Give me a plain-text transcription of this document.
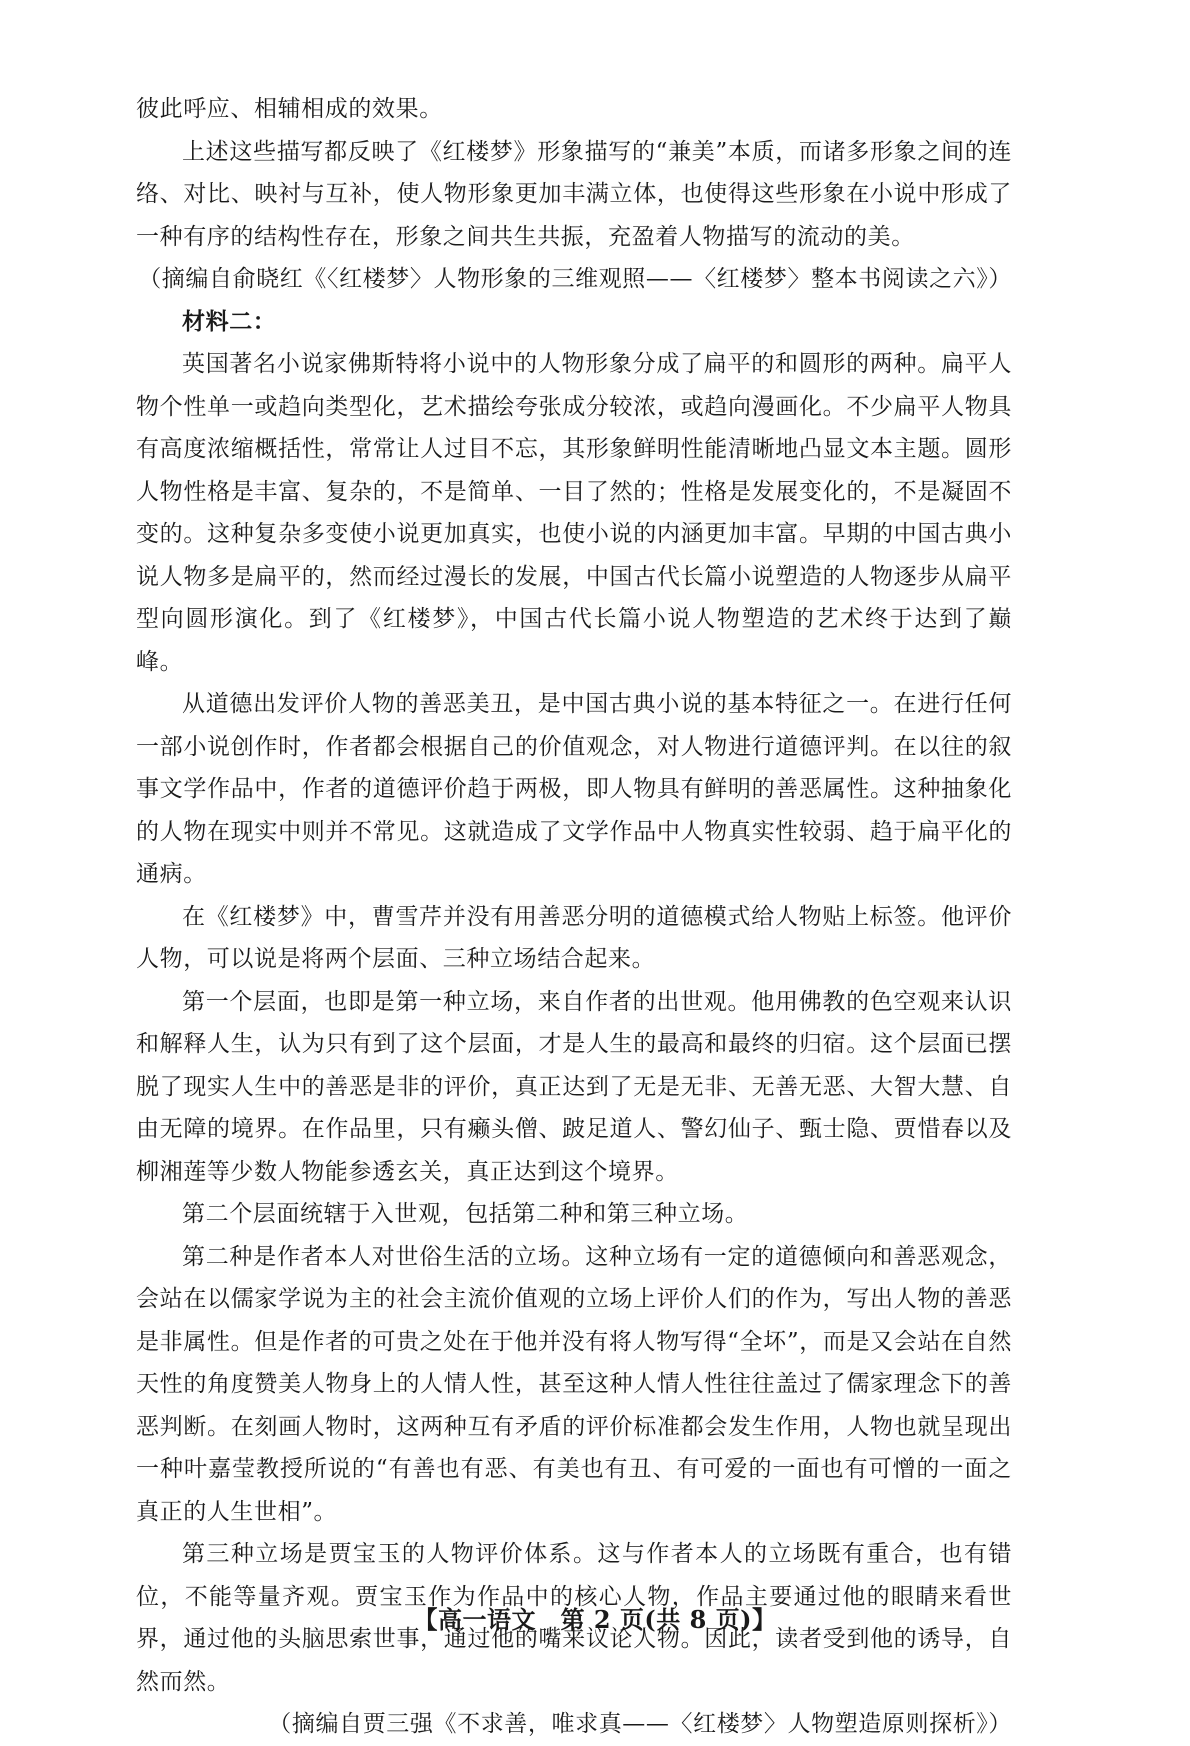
彼此呼应、相辅相成的效果。

上述这些描写都反映了《红楼梦》形象描写的“兼美”本质，而诸多形象之间的连络、对比、映衬与互补，使人物形象更加丰满立体，也使得这些形象在小说中形成了一种有序的结构性存在，形象之间共生共振，充盈着人物描写的流动的美。

（摘编自俞晓红《〈红楼梦〉人物形象的三维观照——〈红楼梦〉整本书阅读之六》）

材料二：

英国著名小说家佛斯特将小说中的人物形象分成了扁平的和圆形的两种。扁平人物个性单一或趋向类型化，艺术描绘夸张成分较浓，或趋向漫画化。不少扁平人物具有高度浓缩概括性，常常让人过目不忘，其形象鲜明性能清晰地凸显文本主题。圆形人物性格是丰富、复杂的，不是简单、一目了然的；性格是发展变化的，不是凝固不变的。这种复杂多变使小说更加真实，也使小说的内涵更加丰富。早期的中国古典小说人物多是扁平的，然而经过漫长的发展，中国古代长篇小说塑造的人物逐步从扁平型向圆形演化。到了《红楼梦》，中国古代长篇小说人物塑造的艺术终于达到了巅峰。

从道德出发评价人物的善恶美丑，是中国古典小说的基本特征之一。在进行任何一部小说创作时，作者都会根据自己的价值观念，对人物进行道德评判。在以往的叙事文学作品中，作者的道德评价趋于两极，即人物具有鲜明的善恶属性。这种抽象化的人物在现实中则并不常见。这就造成了文学作品中人物真实性较弱、趋于扁平化的通病。

在《红楼梦》中，曹雪芹并没有用善恶分明的道德模式给人物贴上标签。他评价人物，可以说是将两个层面、三种立场结合起来。

第一个层面，也即是第一种立场，来自作者的出世观。他用佛教的色空观来认识和解释人生，认为只有到了这个层面，才是人生的最高和最终的归宿。这个层面已摆脱了现实人生中的善恶是非的评价，真正达到了无是无非、无善无恶、大智大慧、自由无障的境界。在作品里，只有癞头僧、跛足道人、警幻仙子、甄士隐、贾惜春以及柳湘莲等少数人物能参透玄关，真正达到这个境界。

第二个层面统辖于入世观，包括第二种和第三种立场。

第二种是作者本人对世俗生活的立场。这种立场有一定的道德倾向和善恶观念，会站在以儒家学说为主的社会主流价值观的立场上评价人们的作为，写出人物的善恶是非属性。但是作者的可贵之处在于他并没有将人物写得“全坏”，而是又会站在自然天性的角度赞美人物身上的人情人性，甚至这种人情人性往往盖过了儒家理念下的善恶判断。在刻画人物时，这两种互有矛盾的评价标准都会发生作用，人物也就呈现出一种叶嘉莹教授所说的“有善也有恶、有美也有丑、有可爱的一面也有可憎的一面之真正的人生世相”。

第三种立场是贾宝玉的人物评价体系。这与作者本人的立场既有重合，也有错位，不能等量齐观。贾宝玉作为作品中的核心人物，作品主要通过他的眼睛来看世界，通过他的头脑思索世事，通过他的嘴来议论人物。因此，读者受到他的诱导，自然而然。

（摘编自贾三强《不求善，唯求真——〈红楼梦〉人物塑造原则探析》）

【高一语文　第 2 页(共 8 页)】
